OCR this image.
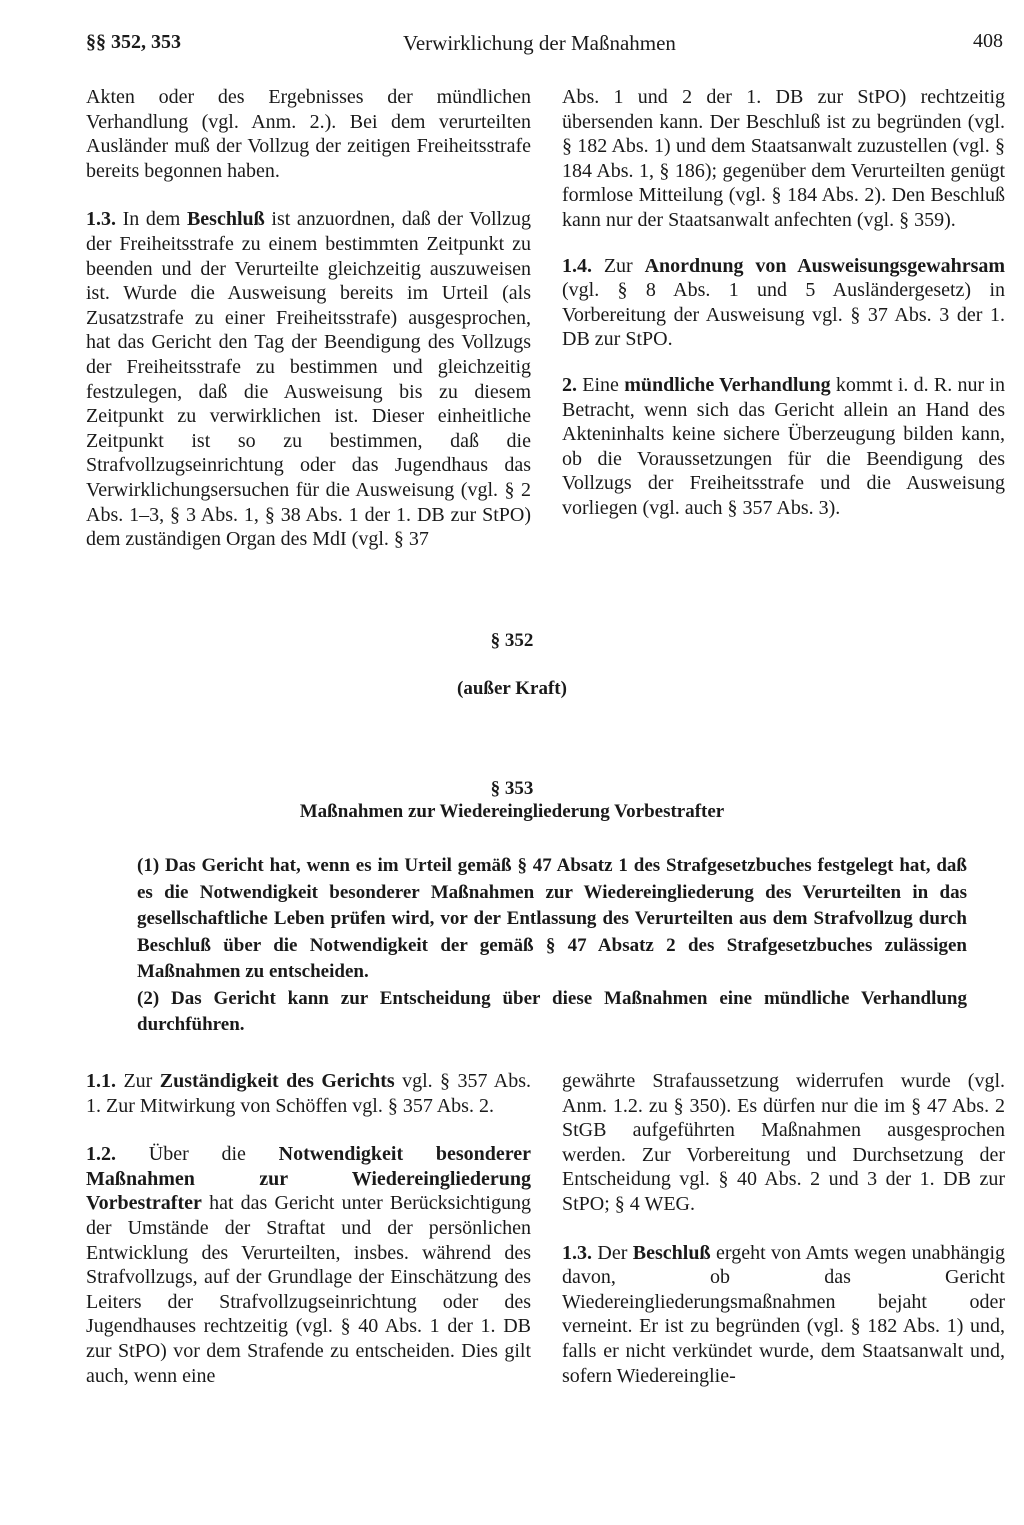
§§ 352, 353	Verwirklichung der Maßnahmen	408

Akten oder des Ergebnisses der mündlichen Verhandlung (vgl. Anm. 2.). Bei dem verurteilten Ausländer muß der Vollzug der zeitigen Freiheitsstrafe bereits begonnen haben.

1.3. In dem Beschluß ist anzuordnen, daß der Vollzug der Freiheitsstrafe zu einem bestimmten Zeitpunkt zu beenden und der Verurteilte gleichzeitig auszuweisen ist. Wurde die Ausweisung bereits im Urteil (als Zusatzstrafe zu einer Freiheitsstrafe) ausgesprochen, hat das Gericht den Tag der Beendigung des Vollzugs der Freiheitsstrafe zu bestimmen und gleichzeitig festzulegen, daß die Ausweisung bis zu diesem Zeitpunkt zu verwirklichen ist. Dieser einheitliche Zeitpunkt ist so zu bestimmen, daß die Strafvollzugseinrichtung oder das Jugendhaus das Verwirklichungsersuchen für die Ausweisung (vgl. § 2 Abs. 1–3, § 3 Abs. 1, § 38 Abs. 1 der 1. DB zur StPO) dem zuständigen Organ des MdI (vgl. § 37

Abs. 1 und 2 der 1. DB zur StPO) rechtzeitig übersenden kann. Der Beschluß ist zu begründen (vgl. § 182 Abs. 1) und dem Staatsanwalt zuzustellen (vgl. § 184 Abs. 1, § 186); gegenüber dem Verurteilten genügt formlose Mitteilung (vgl. § 184 Abs. 2). Den Beschluß kann nur der Staatsanwalt anfechten (vgl. § 359).

1.4. Zur Anordnung von Ausweisungsgewahrsam (vgl. § 8 Abs. 1 und 5 Ausländergesetz) in Vorbereitung der Ausweisung vgl. § 37 Abs. 3 der 1. DB zur StPO.

2. Eine mündliche Verhandlung kommt i. d. R. nur in Betracht, wenn sich das Gericht allein an Hand des Akteninhalts keine sichere Überzeugung bilden kann, ob die Voraussetzungen für die Beendigung des Vollzugs der Freiheitsstrafe und die Ausweisung vorliegen (vgl. auch § 357 Abs. 3).

§ 352
(außer Kraft)
§ 353
Maßnahmen zur Wiedereingliederung Vorbestrafter

(1) Das Gericht hat, wenn es im Urteil gemäß § 47 Absatz 1 des Strafgesetzbuches festgelegt hat, daß es die Notwendigkeit besonderer Maßnahmen zur Wiedereingliederung des Verurteilten in das gesellschaftliche Leben prüfen wird, vor der Entlassung des Verurteilten aus dem Strafvollzug durch Beschluß über die Notwendigkeit der gemäß § 47 Absatz 2 des Strafgesetzbuches zulässigen Maßnahmen zu entscheiden.

(2) Das Gericht kann zur Entscheidung über diese Maßnahmen eine mündliche Verhandlung durchführen.

1.1. Zur Zuständigkeit des Gerichts vgl. § 357 Abs. 1. Zur Mitwirkung von Schöffen vgl. § 357 Abs. 2.

1.2. Über die Notwendigkeit besonderer Maßnahmen zur Wiedereingliederung Vorbestrafter hat das Gericht unter Berücksichtigung der Umstände der Straftat und der persönlichen Entwicklung des Verurteilten, insbes. während des Strafvollzugs, auf der Grundlage der Einschätzung des Leiters der Strafvollzugseinrichtung oder des Jugendhauses rechtzeitig (vgl. § 40 Abs. 1 der 1. DB zur StPO) vor dem Strafende zu entscheiden. Dies gilt auch, wenn eine

gewährte Strafaussetzung widerrufen wurde (vgl. Anm. 1.2. zu § 350). Es dürfen nur die im § 47 Abs. 2 StGB aufgeführten Maßnahmen ausgesprochen werden. Zur Vorbereitung und Durchsetzung der Entscheidung vgl. § 40 Abs. 2 und 3 der 1. DB zur StPO; § 4 WEG.

1.3. Der Beschluß ergeht von Amts wegen unabhängig davon, ob das Gericht Wiedereingliederungsmaßnahmen bejaht oder verneint. Er ist zu begründen (vgl. § 182 Abs. 1) und, falls er nicht verkündet wurde, dem Staatsanwalt und, sofern Wiedereinglie-
